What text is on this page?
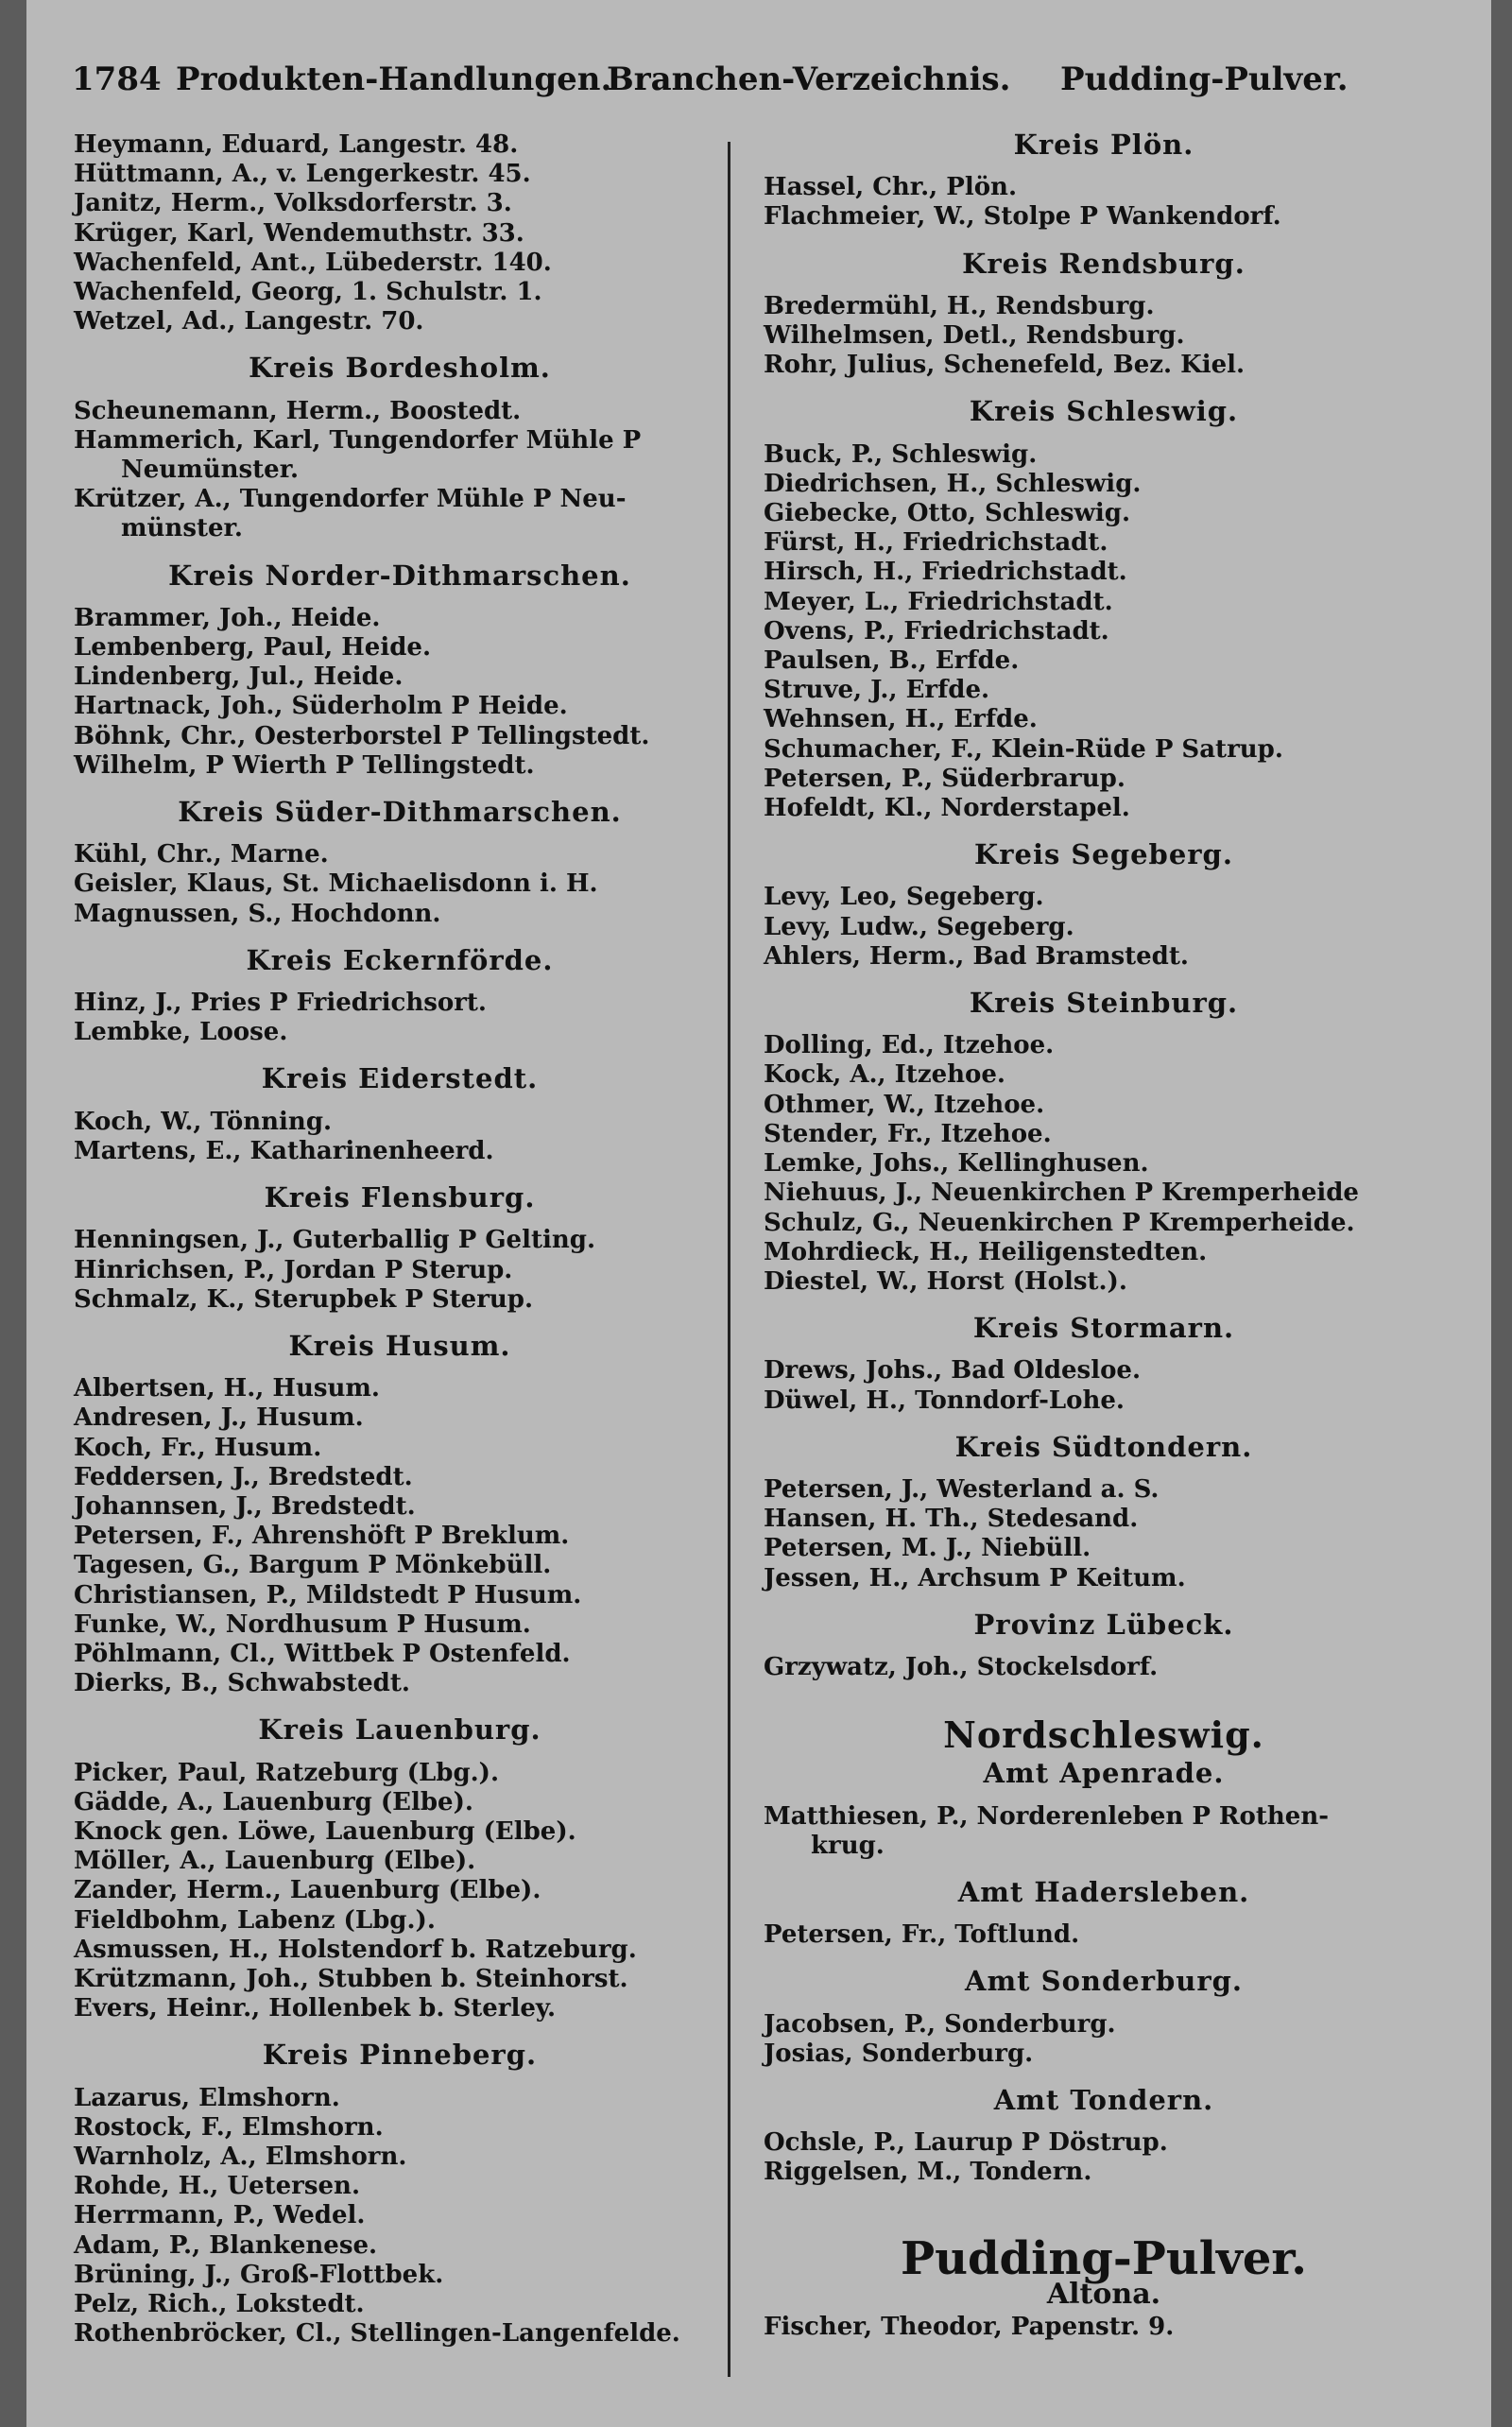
1784 Produkten-Handlungen.
Branchen-Verzeichnis. Pudding-Pulver.
Heymann, Eduard, Langestr. 48.
Hüttmann, A., v. Lengerkestr. 45.
Janitz, Herm., Volksdorferstr. 3.
Krüger, Karl, Wendemuthstr. 33.
Wachenfeld, Ant., Lübederstr. 140.
Wachenfeld, Georg, 1. Schulstr. 1.
Wetzel, Ad., Langestr. 70.
Kreis Bordesholm.
Scheunemann, Herm., Boostedt.
Hammerich, Karl, Tungendorfer Mühle P
Neumünster.
Krützer, A., Tungendorfer Mühle P Neu-
münster.
Kreis Norder-Dithmarschen.
Brammer, Joh., Heide.
Lembenberg, Paul, Heide.
Lindenberg, Jul., Heide.
Hartnack, Joh., Süderholm P Heide.
Böhnk, Chr., Oesterborstel P Tellingstedt.
Wilhelm, P Wierth P Tellingstedt.
Kreis Süder-Dithmarschen.
Kühl, Chr., Marne.
Geisler, Klaus, St. Michaelisdonn i. H.
Magnussen, S., Hochdonn.
Kreis Eckernförde.
Hinz, J., Pries P Friedrichsort.
Lembke, Loose.
Kreis Eiderstedt.
Koch, W., Tönning.
Martens, E., Katharinenheerd.
Kreis Flensburg.
Henningsen, J., Guterballig P Gelting.
Hinrichsen, P., Jordan P Sterup.
Schmalz, K., Sterupbek P Sterup.
Kreis Husum.
Albertsen, H., Husum.
Andresen, J., Husum.
Koch, Fr., Husum.
Feddersen, J., Bredstedt.
Johannsen, J., Bredstedt.
Petersen, F., Ahrenshöft P Breklum.
Tagesen, G., Bargum P Mönkebüll.
Christiansen, P., Mildstedt P Husum.
Funke, W., Nordhusum P Husum.
Pöhlmann, Cl., Wittbek P Ostenfeld.
Dierks, B., Schwabstedt.
Kreis Lauenburg.
Picker, Paul, Ratzeburg (Lbg.).
Gädde, A., Lauenburg (Elbe).
Knock gen. Löwe, Lauenburg (Elbe).
Möller, A., Lauenburg (Elbe).
Zander, Herm., Lauenburg (Elbe).
Fieldbohm, Labenz (Lbg.).
Asmussen, H., Holstendorf b. Ratzeburg.
Krützmann, Joh., Stubben b. Steinhorst.
Evers, Heinr., Hollenbek b. Sterley.
Kreis Pinneberg.
Lazarus, Elmshorn.
Rostock, F., Elmshorn.
Warnholz, A., Elmshorn.
Rohde, H., Uetersen.
Herrmann, P., Wedel.
Adam, P., Blankenese.
Brüning, J., Groß-Flottbek.
Pelz, Rich., Lokstedt.
Rothenbröcker, Cl., Stellingen-Langenfelde.
Kreis Plön.
Hassel, Chr., Plön.
Flachmeier, W., Stolpe P Wankendorf.
Kreis Rendsburg.
Bredermühl, H., Rendsburg.
Wilhelmsen, Detl., Rendsburg.
Rohr, Julius, Schenefeld, Bez. Kiel.
Kreis Schleswig.
Buck, P., Schleswig.
Diedrichsen, H., Schleswig.
Giebecke, Otto, Schleswig.
Fürst, H., Friedrichstadt.
Hirsch, H., Friedrichstadt.
Meyer, L., Friedrichstadt.
Ovens, P., Friedrichstadt.
Paulsen, B., Erfde.
Struve, J., Erfde.
Wehnsen, H., Erfde.
Schumacher, F., Klein-Rüde P Satrup.
Petersen, P., Süderbrarup.
Hofeldt, Kl., Norderstapel.
Kreis Segeberg.
Levy, Leo, Segeberg.
Levy, Ludw., Segeberg.
Ahlers, Herm., Bad Bramstedt.
Kreis Steinburg.
Dolling, Ed., Itzehoe.
Kock, A., Itzehoe.
Othmer, W., Itzehoe.
Stender, Fr., Itzehoe.
Lemke, Johs., Kellinghusen.
Niehuus, J., Neuenkirchen P Kremperheide
Schulz, G., Neuenkirchen P Kremperheide.
Mohrdieck, H., Heiligenstedten.
Diestel, W., Horst (Holst.).
Kreis Stormarn.
Drews, Johs., Bad Oldesloe.
Düwel, H., Tonndorf-Lohe.
Kreis Südtondern.
Petersen, J., Westerland a. S.
Hansen, H. Th., Stedesand.
Petersen, M. J., Niebüll.
Jessen, H., Archsum P Keitum.
Provinz Lübeck.
Grzywatz, Joh., Stockelsdorf.
Nordschleswig.
Amt Apenrade.
Matthiesen, P., Norderenleben P Rothen-
krug.
Amt Hadersleben.
Petersen, Fr., Toftlund.
Amt Sonderburg.
Jacobsen, P., Sonderburg.
Josias, Sonderburg.
Amt Tondern.
Ochsle, P., Laurup P Döstrup.
Riggelsen, M., Tondern.
Pudding-Pulver.
Altona.
Fischer, Theodor, Papenstr. 9.
